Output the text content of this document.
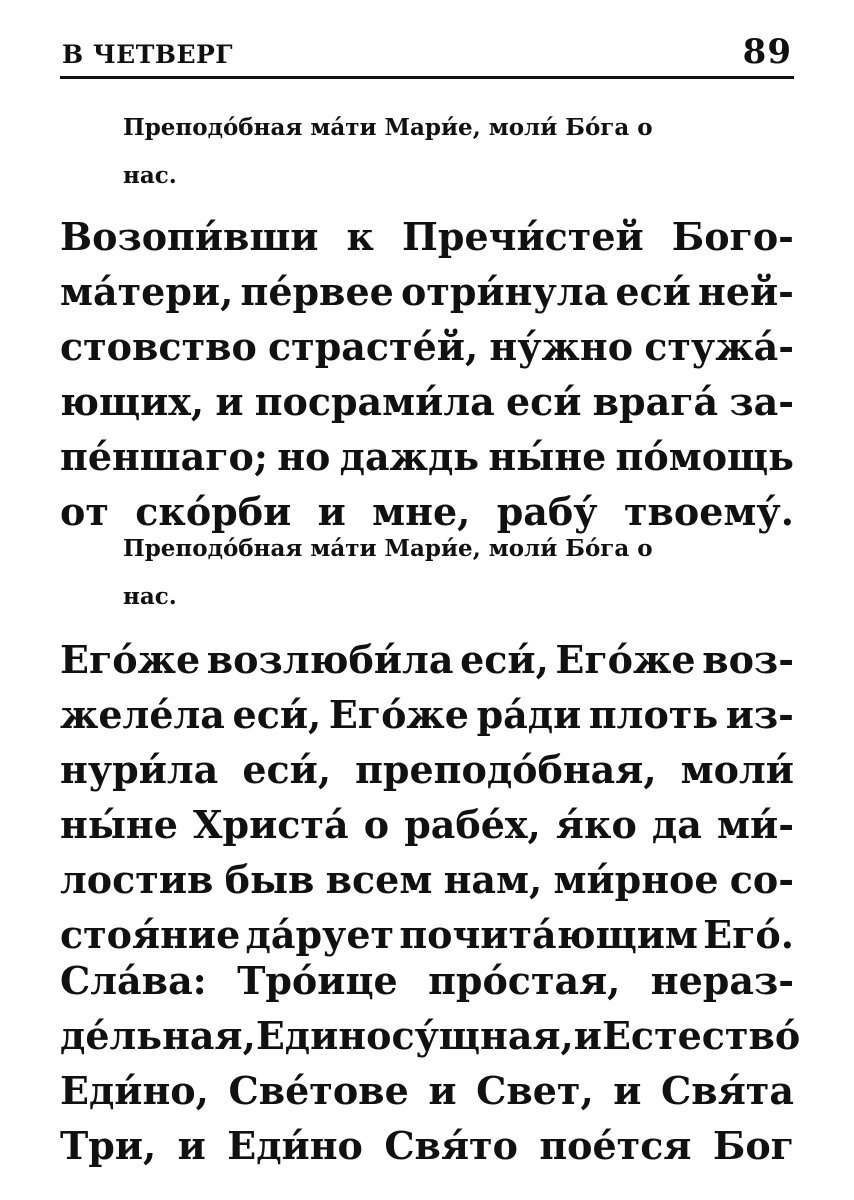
В ЧЕТВЕРГ	89
Преподо́бная ма́ти Мари́е, моли́ Бо́га о
нас.
Возопи́вши к Пречи́стей Бого-
ма́тери, пе́рвее отри́нула еси́ ней-
стовство страсте́й, ну́жно стужа́-
ющих, и посрами́ла еси́ врага́ за-
пе́ншаго; но даждь ны́не по́мощь
от ско́рби и мне, рабу́ твоему́.
Преподо́бная ма́ти Мари́е, моли́ Бо́га о
нас.
Его́же возлюби́ла еси́, Его́же воз-
желе́ла еси́, Его́же ра́ди плоть из-
нури́ла еси́, преподо́бная, моли́
ны́не Христа́ о рабе́х, я́ко да ми́-
лостив быв всем нам, ми́рное со-
стоя́ние да́рует почита́ющим Его́.
Сла́ва: Тро́ице про́стая, нераз-
де́льная, Единосу́щная, и Естество́
Еди́но, Све́тове и Свет, и Свя́та
Три, и Еди́но Свя́то пое́тся Бог
